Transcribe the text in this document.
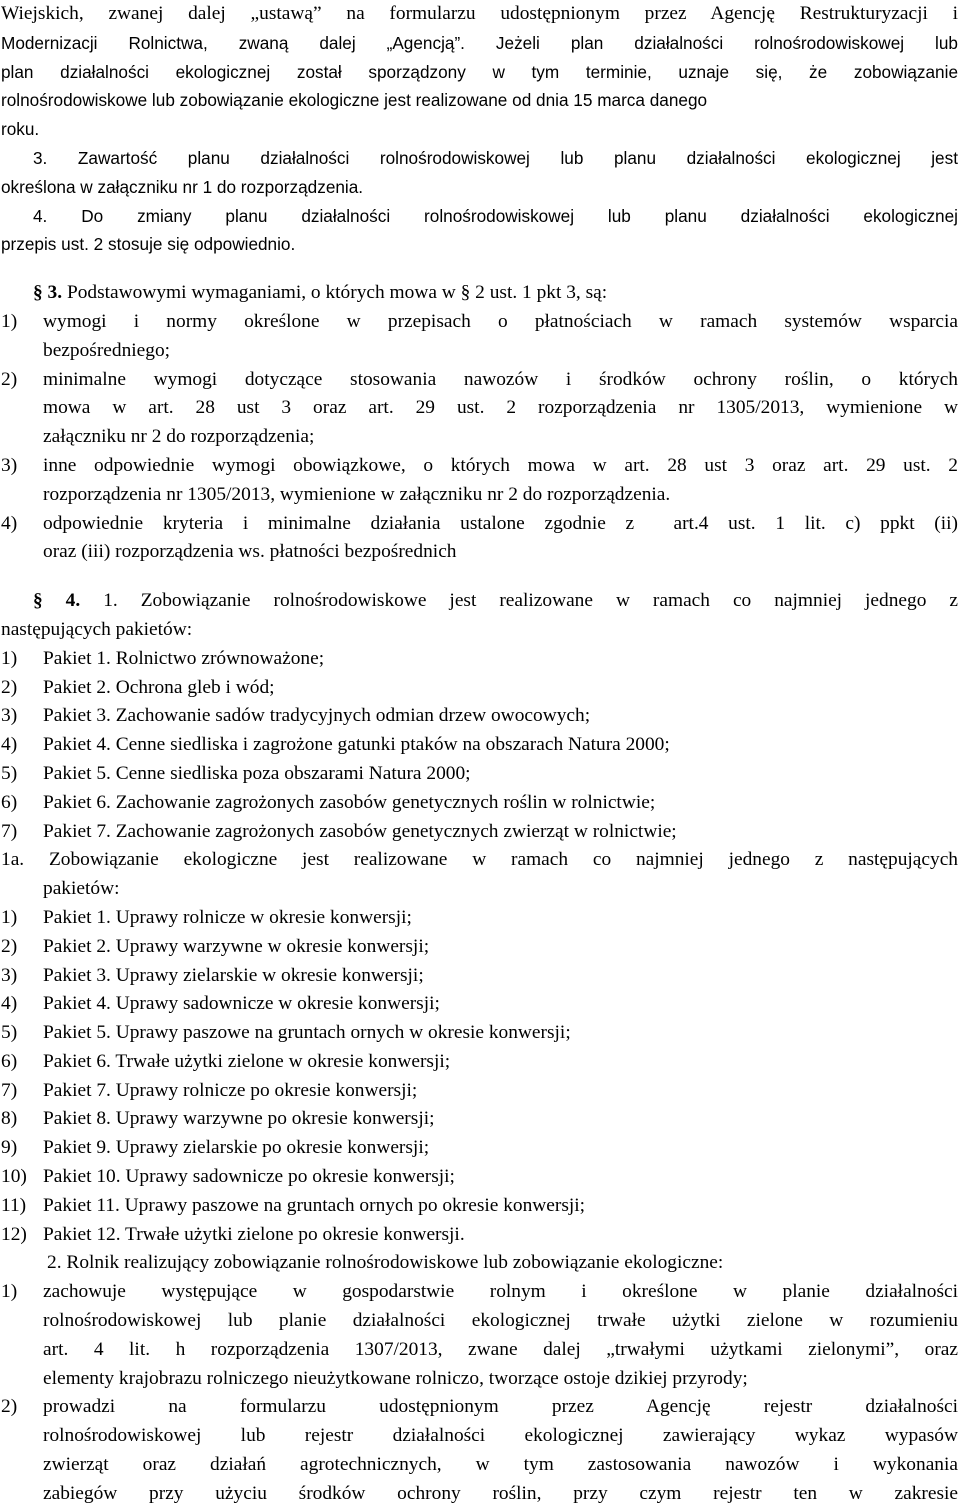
Wiejskich, zwanej dalej „ustawą” na formularzu udostępnionym przez Agencję Restrukturyzacji i
Modernizacji Rolnictwa, zwaną dalej „Agencją”. Jeżeli plan działalności rolnośrodowiskowej lub
plan działalności ekologicznej został sporządzony w tym terminie, uznaje się, że zobowiązanie
rolnośrodowiskowe lub zobowiązanie ekologiczne jest realizowane od dnia 15 marca danego
roku.
3. Zawartość planu działalności rolnośrodowiskowej lub planu działalności ekologicznej jest
określona w załączniku nr 1 do rozporządzenia.
4. Do zmiany planu działalności rolnośrodowiskowej lub planu działalności ekologicznej
przepis ust. 2 stosuje się odpowiednio.
§ 3. Podstawowymi wymaganiami, o których mowa w § 2 ust. 1 pkt 3, są:
1) wymogi i normy określone w przepisach o płatnościach w ramach systemów wsparcia
bezpośredniego;
2) minimalne wymogi dotyczące stosowania nawozów i środków ochrony roślin, o których
mowa w art. 28 ust 3 oraz art. 29 ust. 2 rozporządzenia nr 1305/2013, wymienione w
załączniku nr 2 do rozporządzenia;
3) inne odpowiednie wymogi obowiązkowe, o których mowa w art. 28 ust 3 oraz art. 29 ust. 2
rozporządzenia nr 1305/2013, wymienione w załączniku nr 2 do rozporządzenia.
4) odpowiednie kryteria i minimalne działania ustalone zgodnie z  art.4 ust. 1 lit. c) ppkt (ii)
oraz (iii) rozporządzenia ws. płatności bezpośrednich
§ 4. 1. Zobowiązanie rolnośrodowiskowe jest realizowane w ramach co najmniej jednego z
następujących pakietów:
1) Pakiet 1. Rolnictwo zrównoważone;
2) Pakiet 2. Ochrona gleb i wód;
3) Pakiet 3. Zachowanie sadów tradycyjnych odmian drzew owocowych;
4) Pakiet 4. Cenne siedliska i zagrożone gatunki ptaków na obszarach Natura 2000;
5) Pakiet 5. Cenne siedliska poza obszarami Natura 2000;
6) Pakiet 6. Zachowanie zagrożonych zasobów genetycznych roślin w rolnictwie;
7) Pakiet 7. Zachowanie zagrożonych zasobów genetycznych zwierząt w rolnictwie;
1a. Zobowiązanie ekologiczne jest realizowane w ramach co najmniej jednego z następujących
pakietów:
1) Pakiet 1. Uprawy rolnicze w okresie konwersji;
2) Pakiet 2. Uprawy warzywne w okresie konwersji;
3) Pakiet 3. Uprawy zielarskie w okresie konwersji;
4) Pakiet 4. Uprawy sadownicze w okresie konwersji;
5) Pakiet 5. Uprawy paszowe na gruntach ornych w okresie konwersji;
6) Pakiet 6. Trwałe użytki zielone w okresie konwersji;
7) Pakiet 7. Uprawy rolnicze po okresie konwersji;
8) Pakiet 8. Uprawy warzywne po okresie konwersji;
9) Pakiet 9. Uprawy zielarskie po okresie konwersji;
10) Pakiet 10. Uprawy sadownicze po okresie konwersji;
11) Pakiet 11. Uprawy paszowe na gruntach ornych po okresie konwersji;
12) Pakiet 12. Trwałe użytki zielone po okresie konwersji.
2. Rolnik realizujący zobowiązanie rolnośrodowiskowe lub zobowiązanie ekologiczne:
1) zachowuje występujące w gospodarstwie rolnym i określone w planie działalności
rolnośrodowiskowej lub planie działalności ekologicznej trwałe użytki zielone w rozumieniu
art. 4 lit. h rozporządzenia 1307/2013, zwane dalej „trwałymi użytkami zielonymi”, oraz
elementy krajobrazu rolniczego nieużytkowane rolniczo, tworzące ostoje dzikiej przyrody;
2) prowadzi na formularzu udostępnionym przez Agencję rejestr działalności
rolnośrodowiskowej lub rejestr działalności ekologicznej zawierający wykaz wypasów
zwierząt oraz działań agrotechnicznych, w tym zastosowania nawozów i wykonania
zabiegów przy użyciu środków ochrony roślin, przy czym rejestr ten w zakresie
